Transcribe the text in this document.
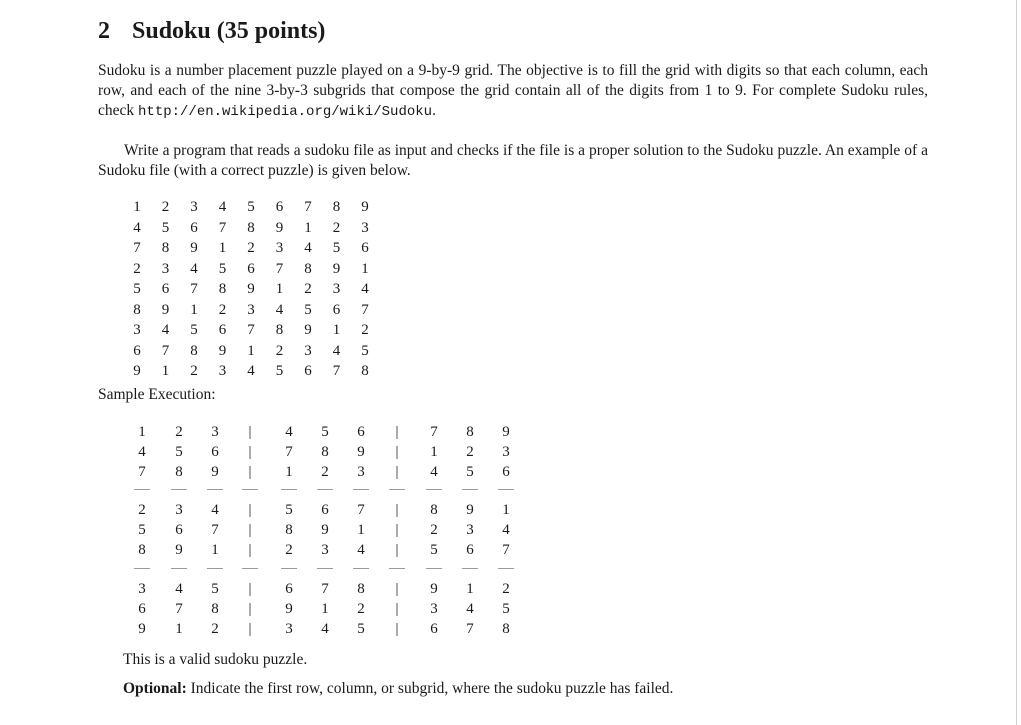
2 Sudoku (35 points)
Sudoku is a number placement puzzle played on a 9-by-9 grid. The objective is to fill the grid with digits so that each column, each row, and each of the nine 3-by-3 subgrids that compose the grid contain all of the digits from 1 to 9. For complete Sudoku rules, check http://en.wikipedia.org/wiki/Sudoku.
Write a program that reads a sudoku file as input and checks if the file is a proper solution to the Sudoku puzzle. An example of a Sudoku file (with a correct puzzle) is given below.
1 2 3 4 5 6 7 8 9
4 5 6 7 8 9 1 2 3
7 8 9 1 2 3 4 5 6
2 3 4 5 6 7 8 9 1
5 6 7 8 9 1 2 3 4
8 9 1 2 3 4 5 6 7
3 4 5 6 7 8 9 1 2
6 7 8 9 1 2 3 4 5
9 1 2 3 4 5 6 7 8
Sample Execution:
1 2 3	4 5 6	7 8 9
|	|
4 5 6	7 8 9	1 2 3
|	|
7 8 9	1 2 3	4 5 6
|	|
2 3 4	5 6 7	8 9 1
|	|
5 6 7	8 9 1	2 3 4
|	|
8 9 1	2 3 4	5 6 7
|	|
3 4 5	6 7 8	9 1 2
|	|
6 7 8	9 1 2	3 4 5
|	|
9 1 2	3 4 5	6 7 8
|	|
This is a valid sudoku puzzle.
Optional: Indicate the first row, column, or subgrid, where the sudoku puzzle has failed.
